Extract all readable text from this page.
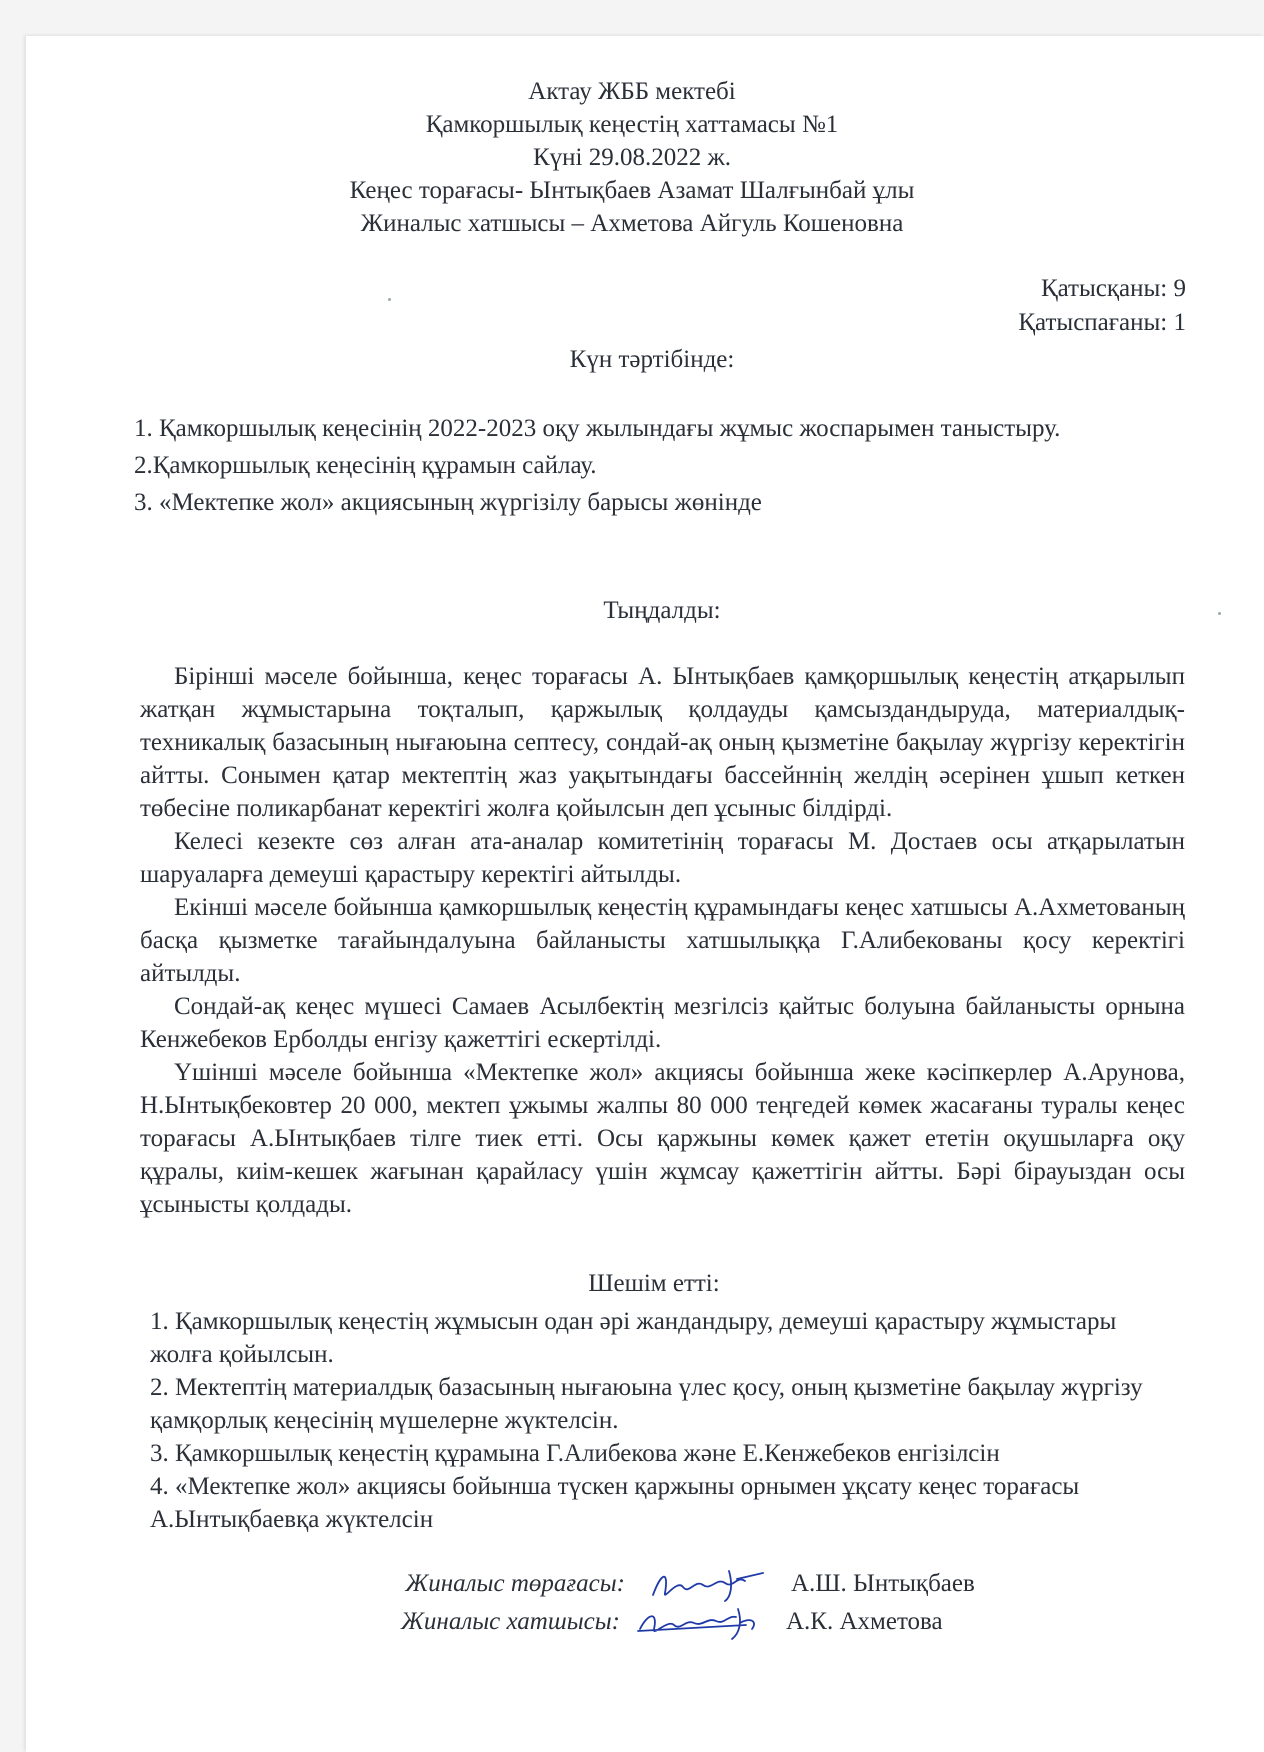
Актау ЖББ мектебі
Қамкоршылық кеңестің хаттамасы №1
Күні 29.08.2022 ж.
Кеңес торағасы- Ынтықбаев Азамат Шалғынбай ұлы
Жиналыс хатшысы – Ахметова Айгуль Кошеновна
Қатысқаны: 9
Қатыспағаны: 1
Күн тәртібінде:

1. Қамкоршылық кеңесінің 2022-2023 оқу жылындағы жұмыс жоспарымен таныстыру.

2.Қамкоршылық кеңесінің құрамын сайлау.

3. «Мектепке жол» акциясының жүргізілу барысы жөнінде

Тыңдалды:

Бірінші мәселе бойынша, кеңес торағасы А. Ынтықбаев қамқоршылық кеңестің атқарылып жатқан жұмыстарына тоқталып, қаржылық қолдауды қамсыздандыруда, материалдық- техникалық базасының нығаюына септесу, сондай-ақ оның қызметіне бақылау жүргізу керектігін айтты. Сонымен қатар мектептің жаз уақытындағы бассейннің желдің әсерінен ұшып кеткен төбесіне поликарбанат керектігі жолға қойылсын деп ұсыныс білдірді.

Келесі кезекте сөз алған ата-аналар комитетінің торағасы М. Достаев осы атқарылатын шаруаларға демеуші қарастыру керектігі айтылды.

Екінші мәселе бойынша қамкоршылық кеңестің құрамындағы кеңес хатшысы А.Ахметованың басқа қызметке тағайындалуына байланысты хатшылыққа Г.Алибекованы қосу керектігі айтылды.

Сондай-ақ кеңес мүшесі Самаев Асылбектің мезгілсіз қайтыс болуына байланысты орнына Кенжебеков Ерболды енгізу қажеттігі ескертілді.

Үшінші мәселе бойынша «Мектепке жол» акциясы бойынша жеке кәсіпкерлер А.Арунова, Н.Ынтықбековтер 20 000, мектеп ұжымы жалпы 80 000 теңгедей көмек жасағаны туралы кеңес торағасы А.Ынтықбаев тілге тиек етті. Осы қаржыны көмек қажет ететін оқушыларға оқу құралы, киім-кешек жағынан қарайласу үшін жұмсау қажеттігін айтты. Бәрі бірауыздан осы ұсынысты қолдады.

Шешім етті:

1. Қамкоршылық кеңестің жұмысын одан әрі жандандыру, демеуші қарастыру жұмыстары жолға қойылсын.

2. Мектептің материалдық базасының нығаюына үлес қосу, оның қызметіне бақылау жүргізу қамқорлық кеңесінің мүшелерне жүктелсін.

3. Қамкоршылық кеңестің құрамына Г.Алибекова және Е.Кенжебеков енгізілсін

4. «Мектепке жол» акциясы бойынша түскен қаржыны орнымен ұқсату кеңес торағасы А.Ынтықбаевқа жүктелсін

Жиналыс төрағасы:	А.Ш. Ынтықбаев
Жиналыс хатшысы:	А.К. Ахметова
